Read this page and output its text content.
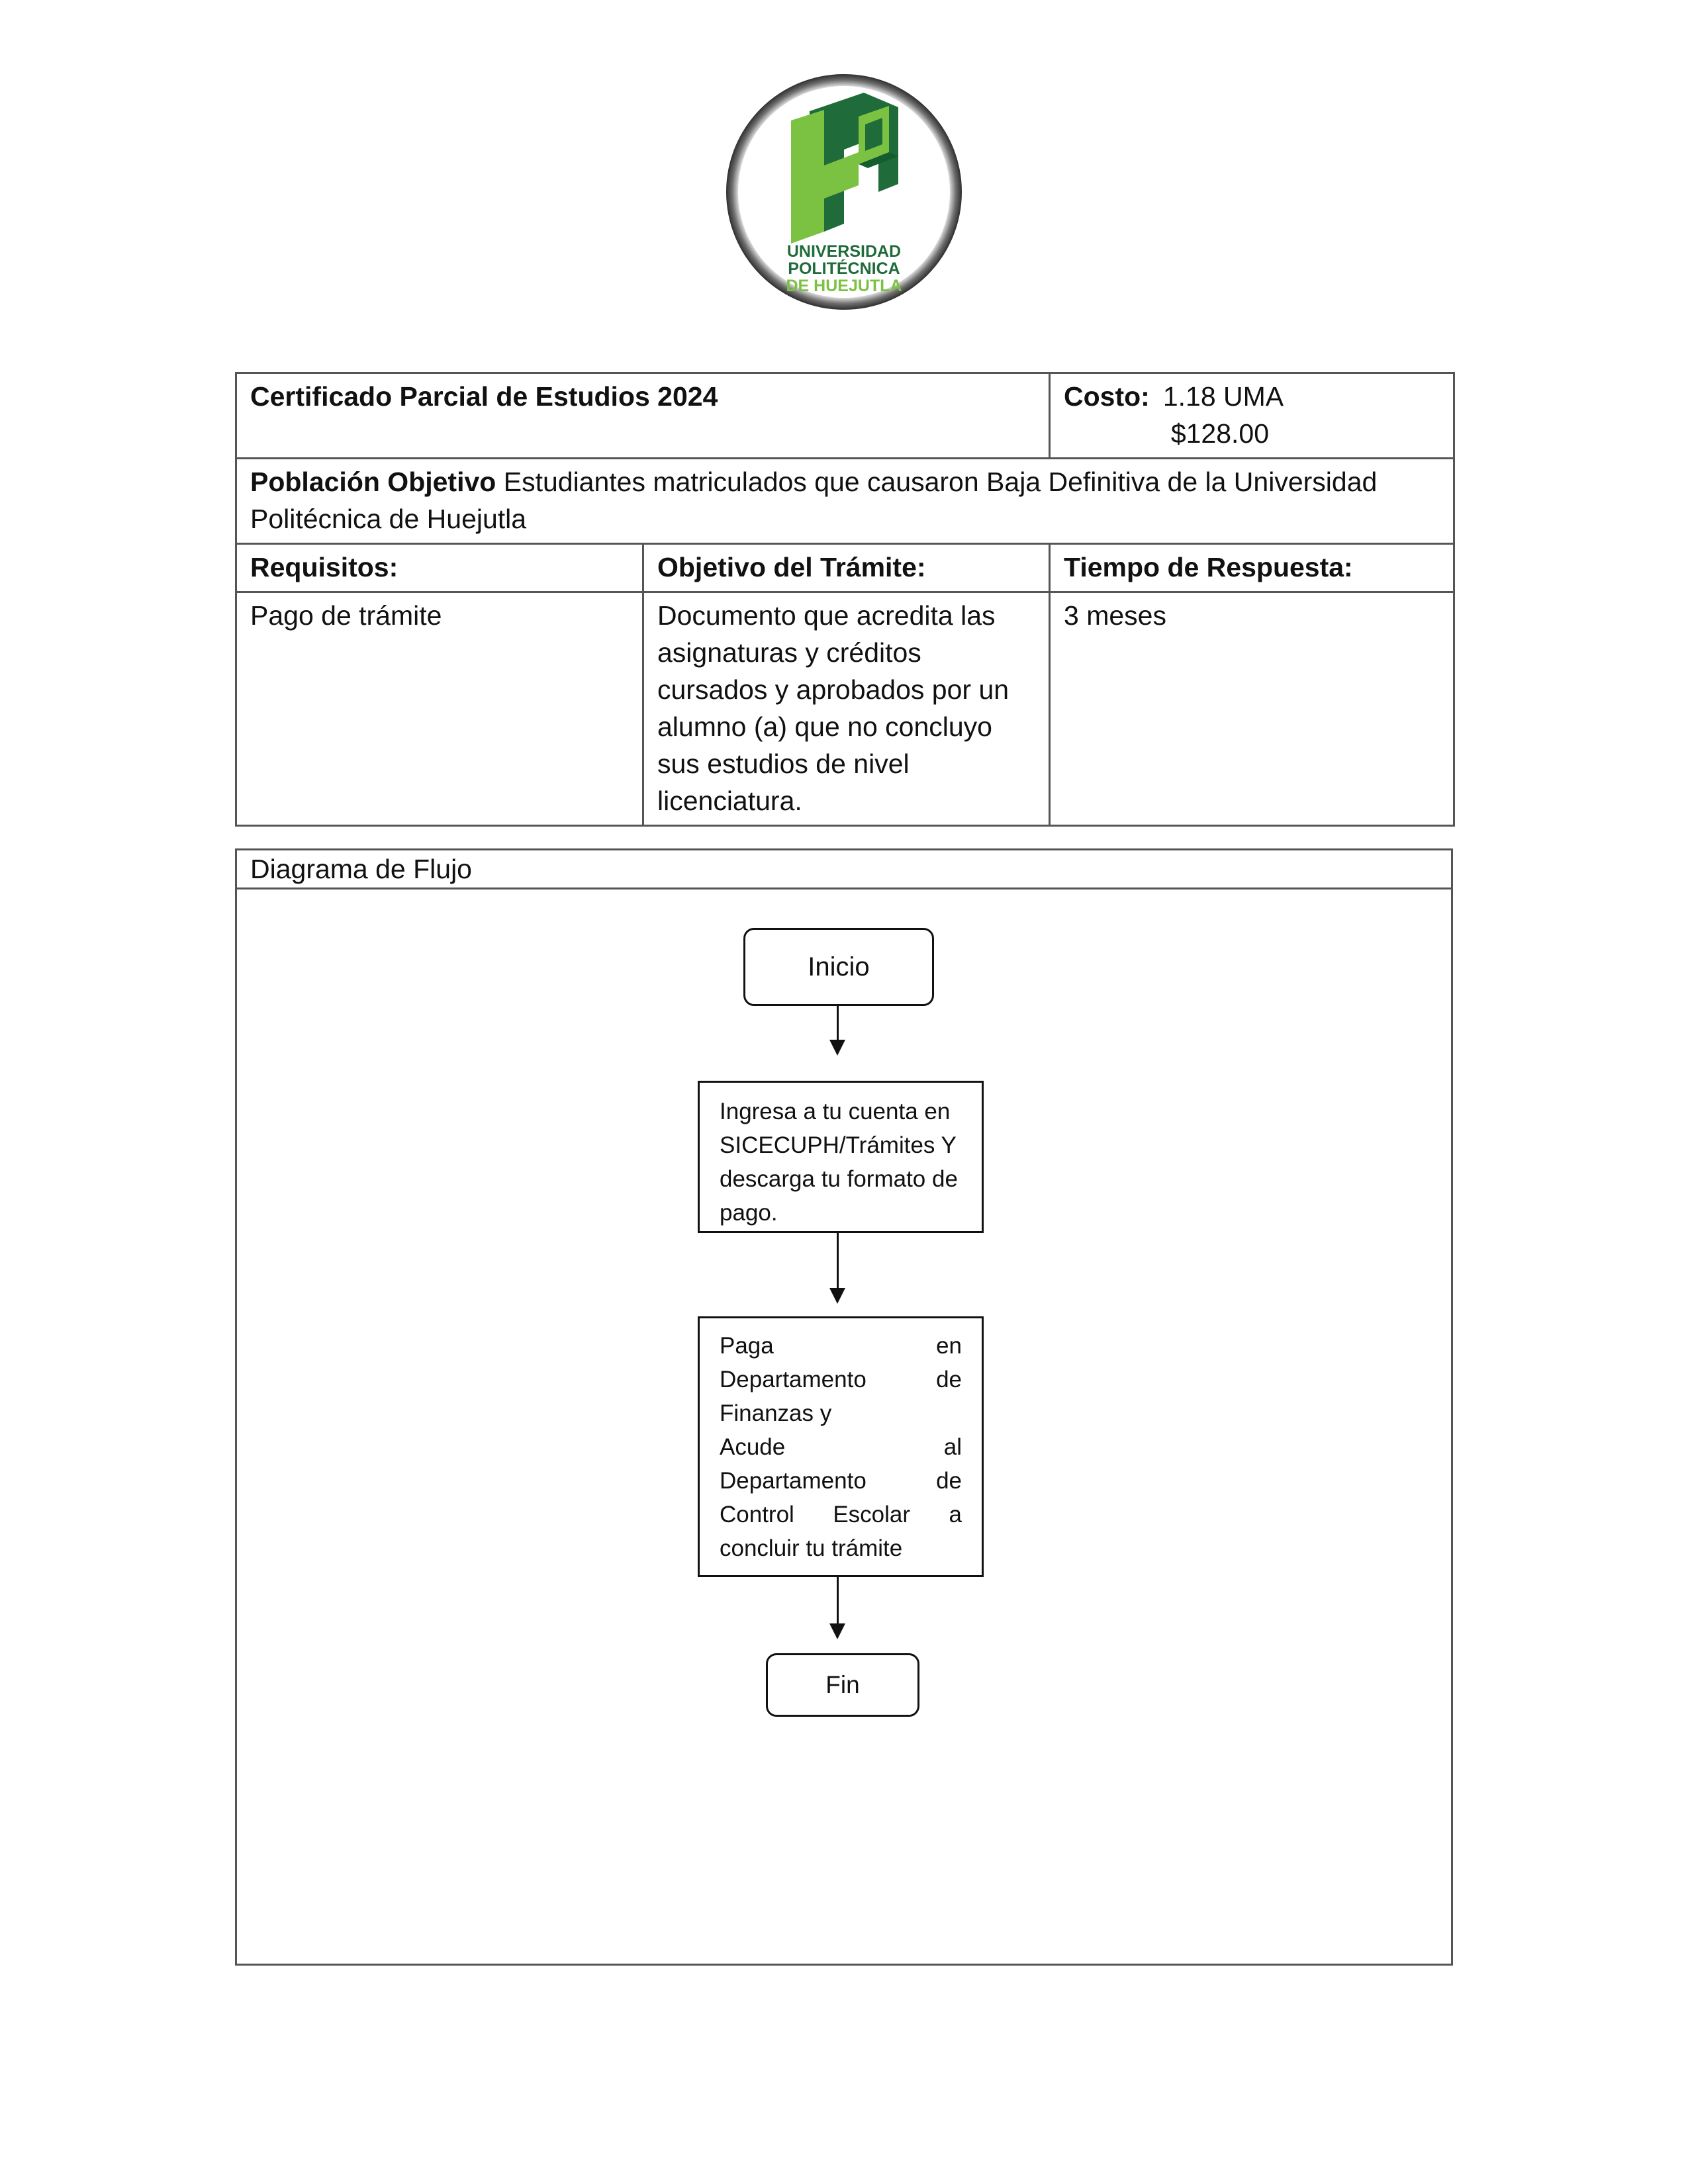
UNIVERSIDAD
POLITÉCNICA
DE HUEJUTLA
Certificado Parcial de Estudios 2024		Costo: 1.18 UMA
$128.00

Población Objetivo Estudiantes matriculados que causaron Baja Definitiva de la Universidad Politécnica de Huejutla		
Requisitos:	Objetivo del Trámite:	Tiempo de Respuesta:
Pago de trámite	Documento que acredita las asignaturas y créditos cursados y aprobados por un alumno (a) que no concluyo sus estudios de nivel licenciatura.	3 meses
Diagrama de Flujo
Inicio

Ingresa a tu cuenta en SICECUPH/Trámites Y descarga tu formato de pago.

Paga	en
Departamento	de
Finanzas y
Acude	al
Departamento	de
Control Escolar a
concluir tu trámite
Fin
